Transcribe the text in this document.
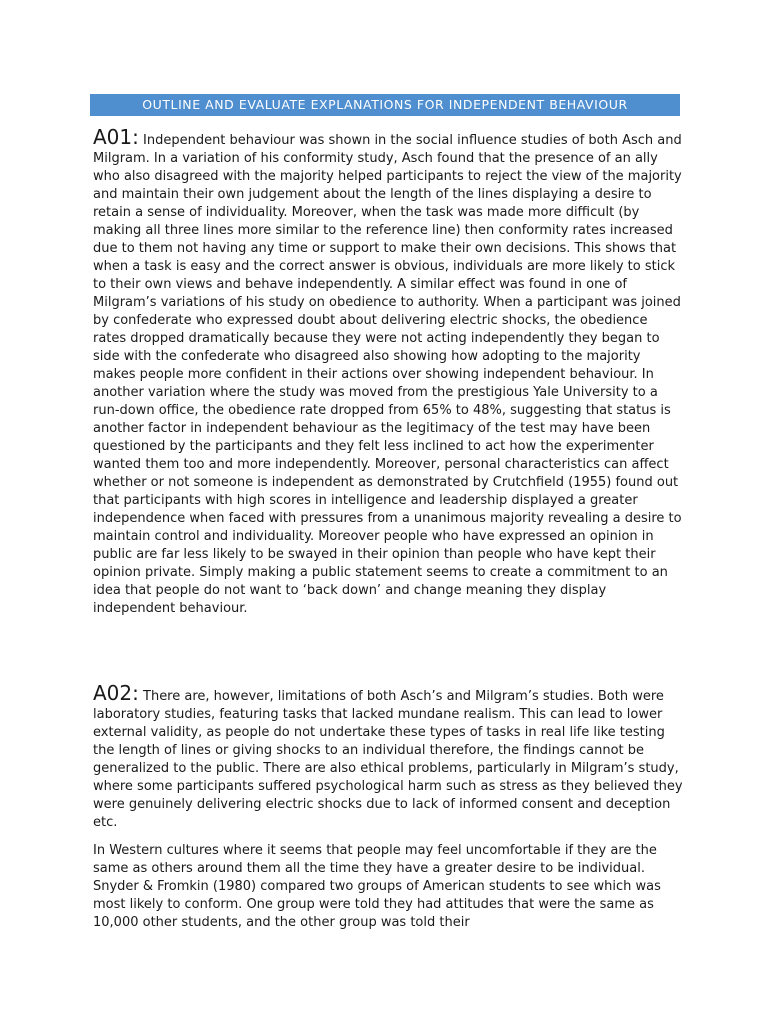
OUTLINE AND EVALUATE EXPLANATIONS FOR INDEPENDENT BEHAVIOUR

A01: Independent behaviour was shown in the social influence studies of both Asch and Milgram. In a variation of his conformity study, Asch found that the presence of an ally who also disagreed with the majority helped participants to reject the view of the majority and maintain their own judgement about the length of the lines displaying a desire to retain a sense of individuality. Moreover, when the task was made more difficult (by making all three lines more similar to the reference line) then conformity rates increased due to them not having any time or support to make their own decisions. This shows that when a task is easy and the correct answer is obvious, individuals are more likely to stick to their own views and behave independently. A similar effect was found in one of Milgram’s variations of his study on obedience to authority. When a participant was joined by confederate who expressed doubt about delivering electric shocks, the obedience rates dropped dramatically because they were not acting independently they began to side with the confederate who disagreed also showing how adopting to the majority makes people more confident in their actions over showing independent behaviour. In another variation where the study was moved from the prestigious Yale University to a run-down office, the obedience rate dropped from 65% to 48%, suggesting that status is another factor in independent behaviour as the legitimacy of the test may have been questioned by the participants and they felt less inclined to act how the experimenter wanted them too and more independently. Moreover, personal characteristics can affect whether or not someone is independent as demonstrated by Crutchfield (1955) found out that participants with high scores in intelligence and leadership displayed a greater independence when faced with pressures from a unanimous majority revealing a desire to maintain control and individuality. Moreover people who have expressed an opinion in public are far less likely to be swayed in their opinion than people who have kept their opinion private. Simply making a public statement seems to create a commitment to an idea that people do not want to ‘back down’ and change meaning they display independent behaviour.

A02: There are, however, limitations of both Asch’s and Milgram’s studies. Both were laboratory studies, featuring tasks that lacked mundane realism. This can lead to lower external validity, as people do not undertake these types of tasks in real life like testing the length of lines or giving shocks to an individual therefore, the findings cannot be generalized to the public. There are also ethical problems, particularly in Milgram’s study, where some participants suffered psychological harm such as stress as they believed they were genuinely delivering electric shocks due to lack of informed consent and deception etc.

In Western cultures where it seems that people may feel uncomfortable if they are the same as others around them all the time they have a greater desire to be individual. Snyder & Fromkin (1980) compared two groups of American students to see which was most likely to conform. One group were told they had attitudes that were the same as 10,000 other students, and the other group was told their
